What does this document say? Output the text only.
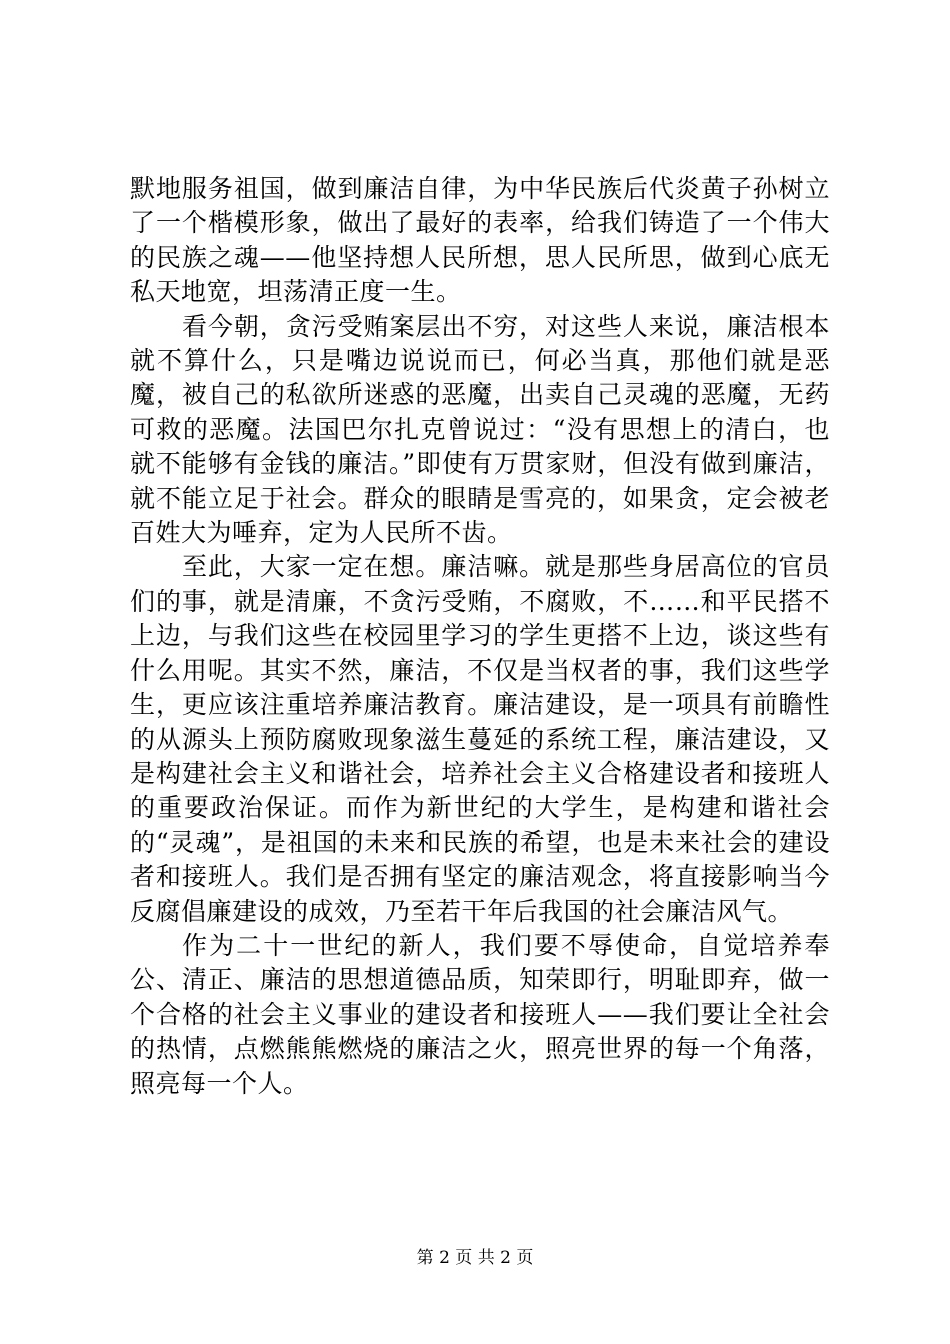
默地服务祖国，做到廉洁自律，为中华民族后代炎黄子孙树立了一个楷模形象，做出了最好的表率，给我们铸造了一个伟大的民族之魂——他坚持想人民所想，思人民所思，做到心底无私天地宽，坦荡清正度一生。

看今朝，贪污受贿案层出不穷，对这些人来说，廉洁根本就不算什么，只是嘴边说说而已，何必当真，那他们就是恶魔，被自己的私欲所迷惑的恶魔，出卖自己灵魂的恶魔，无药可救的恶魔。法国巴尔扎克曾说过：“没有思想上的清白，也就不能够有金钱的廉洁。”即使有万贯家财，但没有做到廉洁，就不能立足于社会。群众的眼睛是雪亮的，如果贪，定会被老百姓大为唾弃，定为人民所不齿。

至此，大家一定在想。廉洁嘛。就是那些身居高位的官员们的事，就是清廉，不贪污受贿，不腐败，不……和平民搭不上边，与我们这些在校园里学习的学生更搭不上边，谈这些有什么用呢。其实不然，廉洁，不仅是当权者的事，我们这些学生，更应该注重培养廉洁教育。廉洁建设，是一项具有前瞻性的从源头上预防腐败现象滋生蔓延的系统工程，廉洁建设，又是构建社会主义和谐社会，培养社会主义合格建设者和接班人的重要政治保证。而作为新世纪的大学生，是构建和谐社会的“灵魂”，是祖国的未来和民族的希望，也是未来社会的建设者和接班人。我们是否拥有坚定的廉洁观念，将直接影响当今反腐倡廉建设的成效，乃至若干年后我国的社会廉洁风气。

作为二十一世纪的新人，我们要不辱使命，自觉培养奉公、清正、廉洁的思想道德品质，知荣即行，明耻即弃，做一个合格的社会主义事业的建设者和接班人——我们要让全社会的热情，点燃熊熊燃烧的廉洁之火，照亮世界的每一个角落，照亮每一个人。

第 2 页 共 2 页
